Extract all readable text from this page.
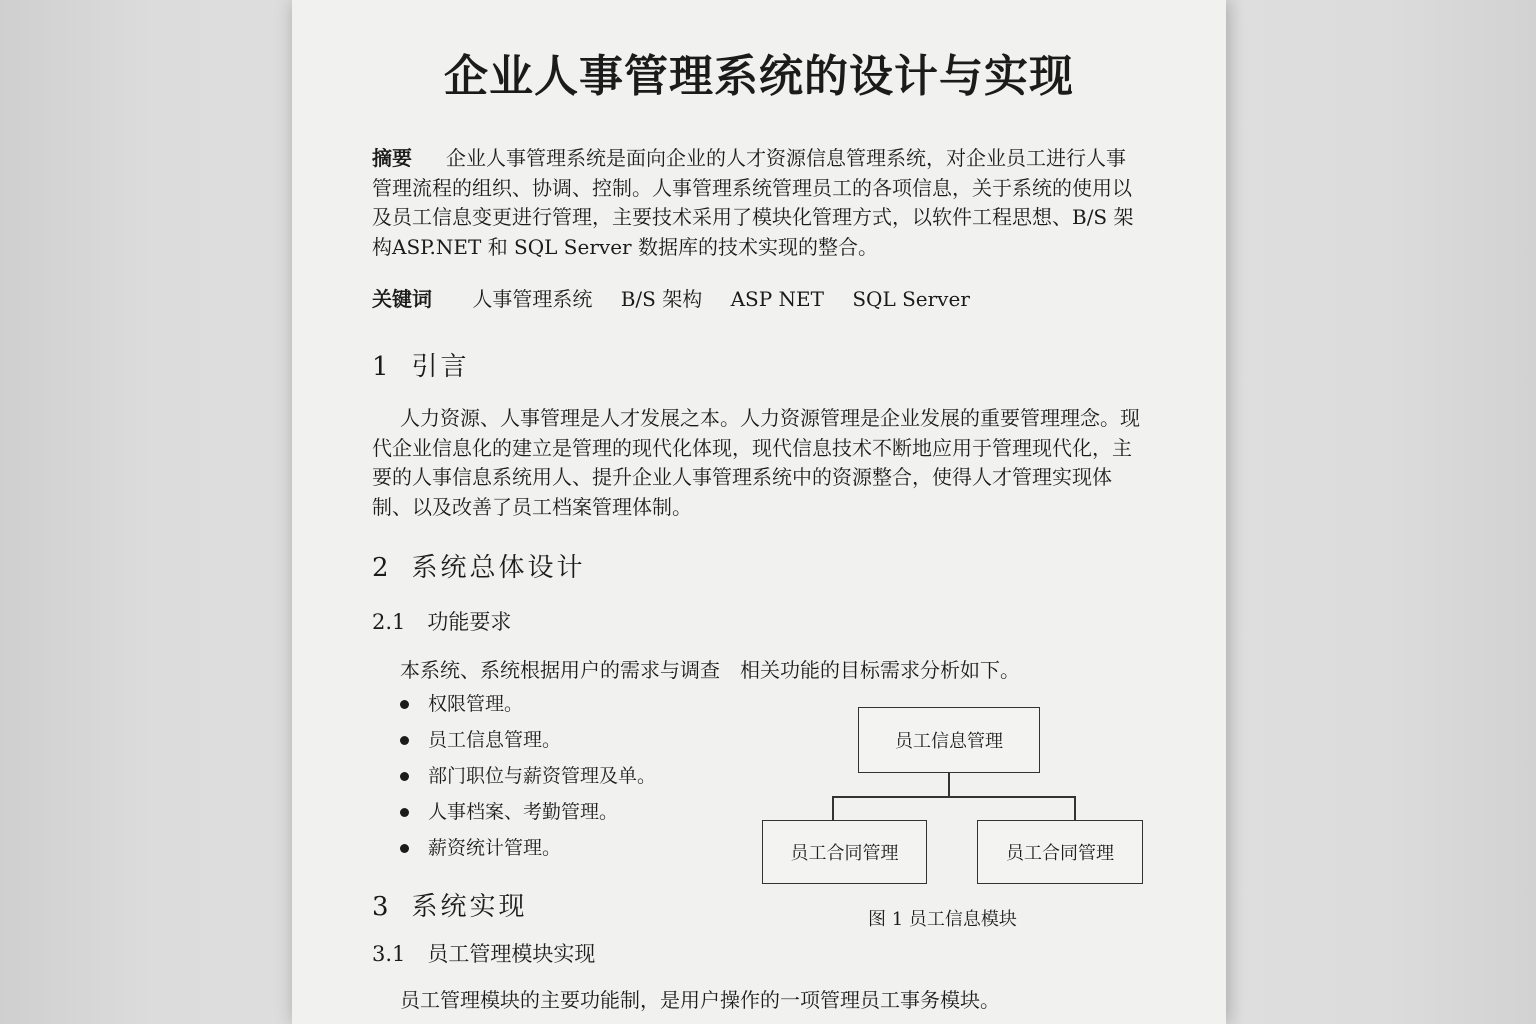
企业人事管理系统的设计与实现
摘要 企业人事管理系统是面向企业的人才资源信息管理系统，对企业员工进行人事管理流程的组织、协调、控制。人事管理系统管理员工的各项信息，关于系统的使用以及员工信息变更进行管理，主要技术采用了模块化管理方式，以软件工程思想、B/S 架构ASP.NET 和 SQL Server 数据库的技术实现的整合。
关键词 人事管理系统 B/S 架构 ASP NET SQL Server
1 引言
人力资源、人事管理是人才发展之本。人力资源管理是企业发展的重要管理理念。现代企业信息化的建立是管理的现代化体现，现代信息技术不断地应用于管理现代化，主要的人事信息系统用人、提升企业人事管理系统中的资源整合，使得人才管理实现体制、以及改善了员工档案管理体制。
2 系统总体设计
2.1 功能要求
本系统、系统根据用户的需求与调查　相关功能的目标需求分析如下。
权限管理。
员工信息管理。
部门职位与薪资管理及单。
人事档案、考勤管理。
薪资统计管理。
员工信息管理
员工合同管理	员工合同管理
图 1 员工信息模块
3 系统实现
3.1 员工管理模块实现
员工管理模块的主要功能制，是用户操作的一项管理员工事务模块。
